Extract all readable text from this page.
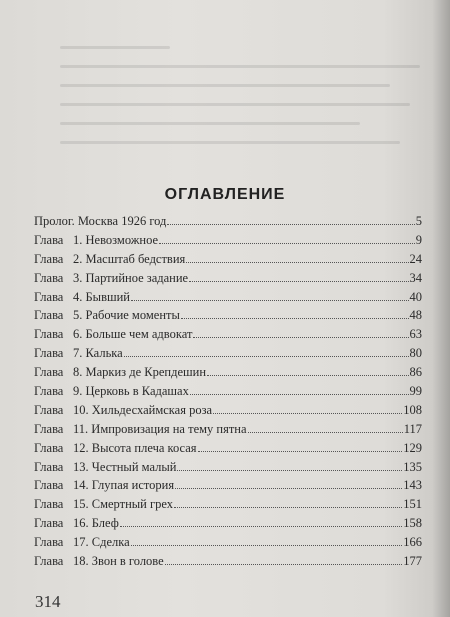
ОГЛАВЛЕНИЕ
Пролог. Москва 1926 год	5
Глава 1. Невозможное	9
Глава 2. Масштаб бедствия	24
Глава 3. Партийное задание	34
Глава 4. Бывший	40
Глава 5. Рабочие моменты	48
Глава 6. Больше чем адвокат	63
Глава 7. Калька	80
Глава 8. Маркиз де Крепдешин	86
Глава 9. Церковь в Кадашах	99
Глава 10. Хильдесхаймская роза	108
Глава 11. Импровизация на тему пятна	117
Глава 12. Высота плеча косая	129
Глава 13. Честный малый	135
Глава 14. Глупая история	143
Глава 15. Смертный грех	151
Глава 16. Блеф	158
Глава 17. Сделка	166
Глава 18. Звон в голове	177
314
